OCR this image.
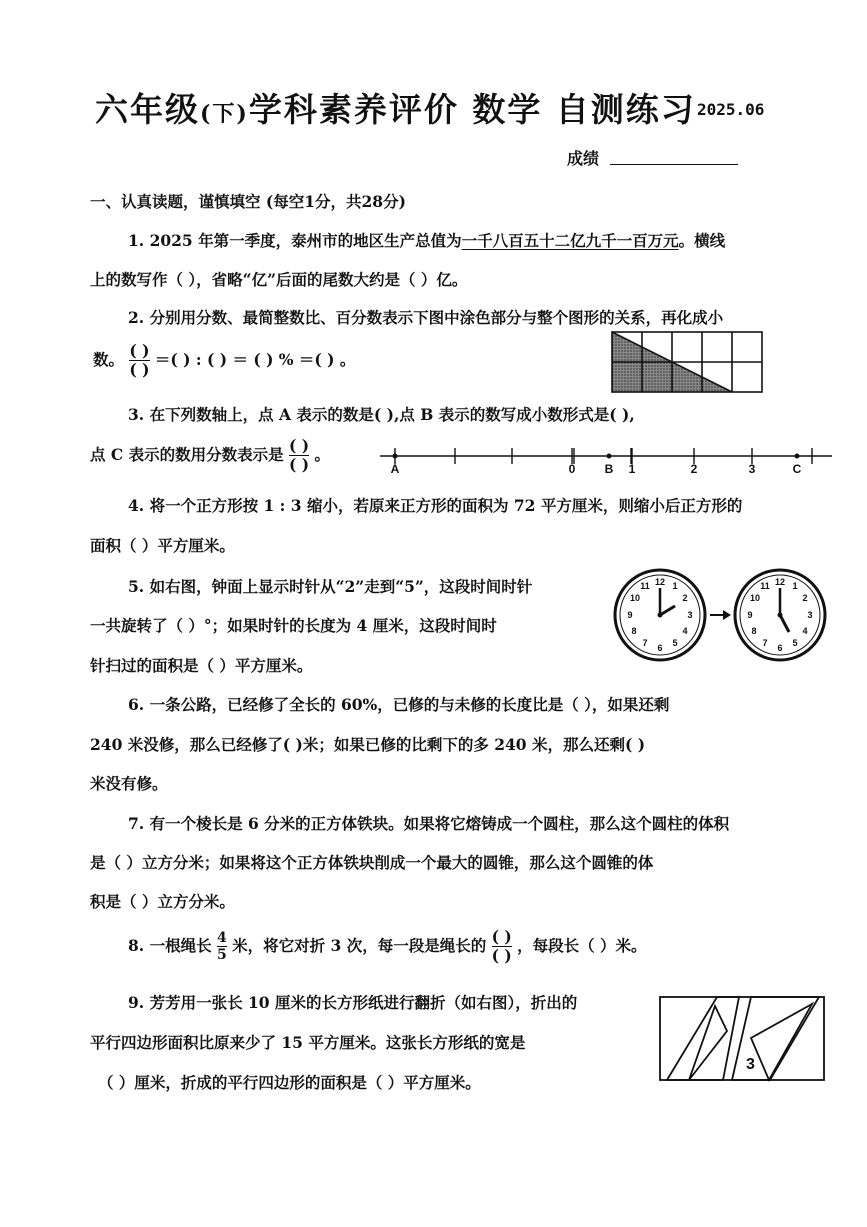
六年级(下)学科素养评价 数学 自测练习 2025.06
成绩
一、认真读题，谨慎填空 (每空1分，共28分)
1. 2025 年第一季度，泰州市的地区生产总值为一千八百五十二亿九千一百万元。横线
上的数写作（ ），省略“亿”后面的尾数大约是（ ）亿。
2. 分别用分数、最简整数比、百分数表示下图中涂色部分与整个图形的关系，再化成小
数。 $\frac{( )}{( )}$ ＝( ) : ( ) ＝ ( ) % ＝( ) 。
3. 在下列数轴上，点 A 表示的数是( ),点 B 表示的数写成小数形式是( ),
点 C 表示的数用分数表示是 $\frac{( )}{( )}$ 。
A	0 B 1	2	3	C
4. 将一个正方形按 1 : 3 缩小，若原来正方形的面积为 72 平方厘米，则缩小后正方形的
面积（ ）平方厘米。
5. 如右图，钟面上显示时针从“2”走到“5”，这段时间时针
一共旋转了（ ）°；如果时针的长度为 4 厘米，这段时间时
针扫过的面积是（ ）平方厘米。
12 1
2
3
4
5
6
7
8
9
10
11	12 1
2
3
4
5
6
7
8
9
10
11
6. 一条公路，已经修了全长的 60%，已修的与未修的长度比是（ ），如果还剩
240 米没修，那么已经修了( )米；如果已修的比剩下的多 240 米，那么还剩( )
米没有修。
7. 有一个棱长是 6 分米的正方体铁块。如果将它熔铸成一个圆柱，那么这个圆柱的体积
是（ ）立方分米；如果将这个正方体铁块削成一个最大的圆锥，那么这个圆锥的体
积是（ ）立方分米。
8. 一根绳长 $\frac{4}{5}$ 米，将它对折 3 次，每一段是绳长的 $\frac{( )}{( )}$ ，每段长（ ）米。
9. 芳芳用一张长 10 厘米的长方形纸进行翻折（如右图），折出的
平行四边形面积比原来少了 15 平方厘米。这张长方形纸的宽是
（ ）厘米，折成的平行四边形的面积是（ ）平方厘米。
3
